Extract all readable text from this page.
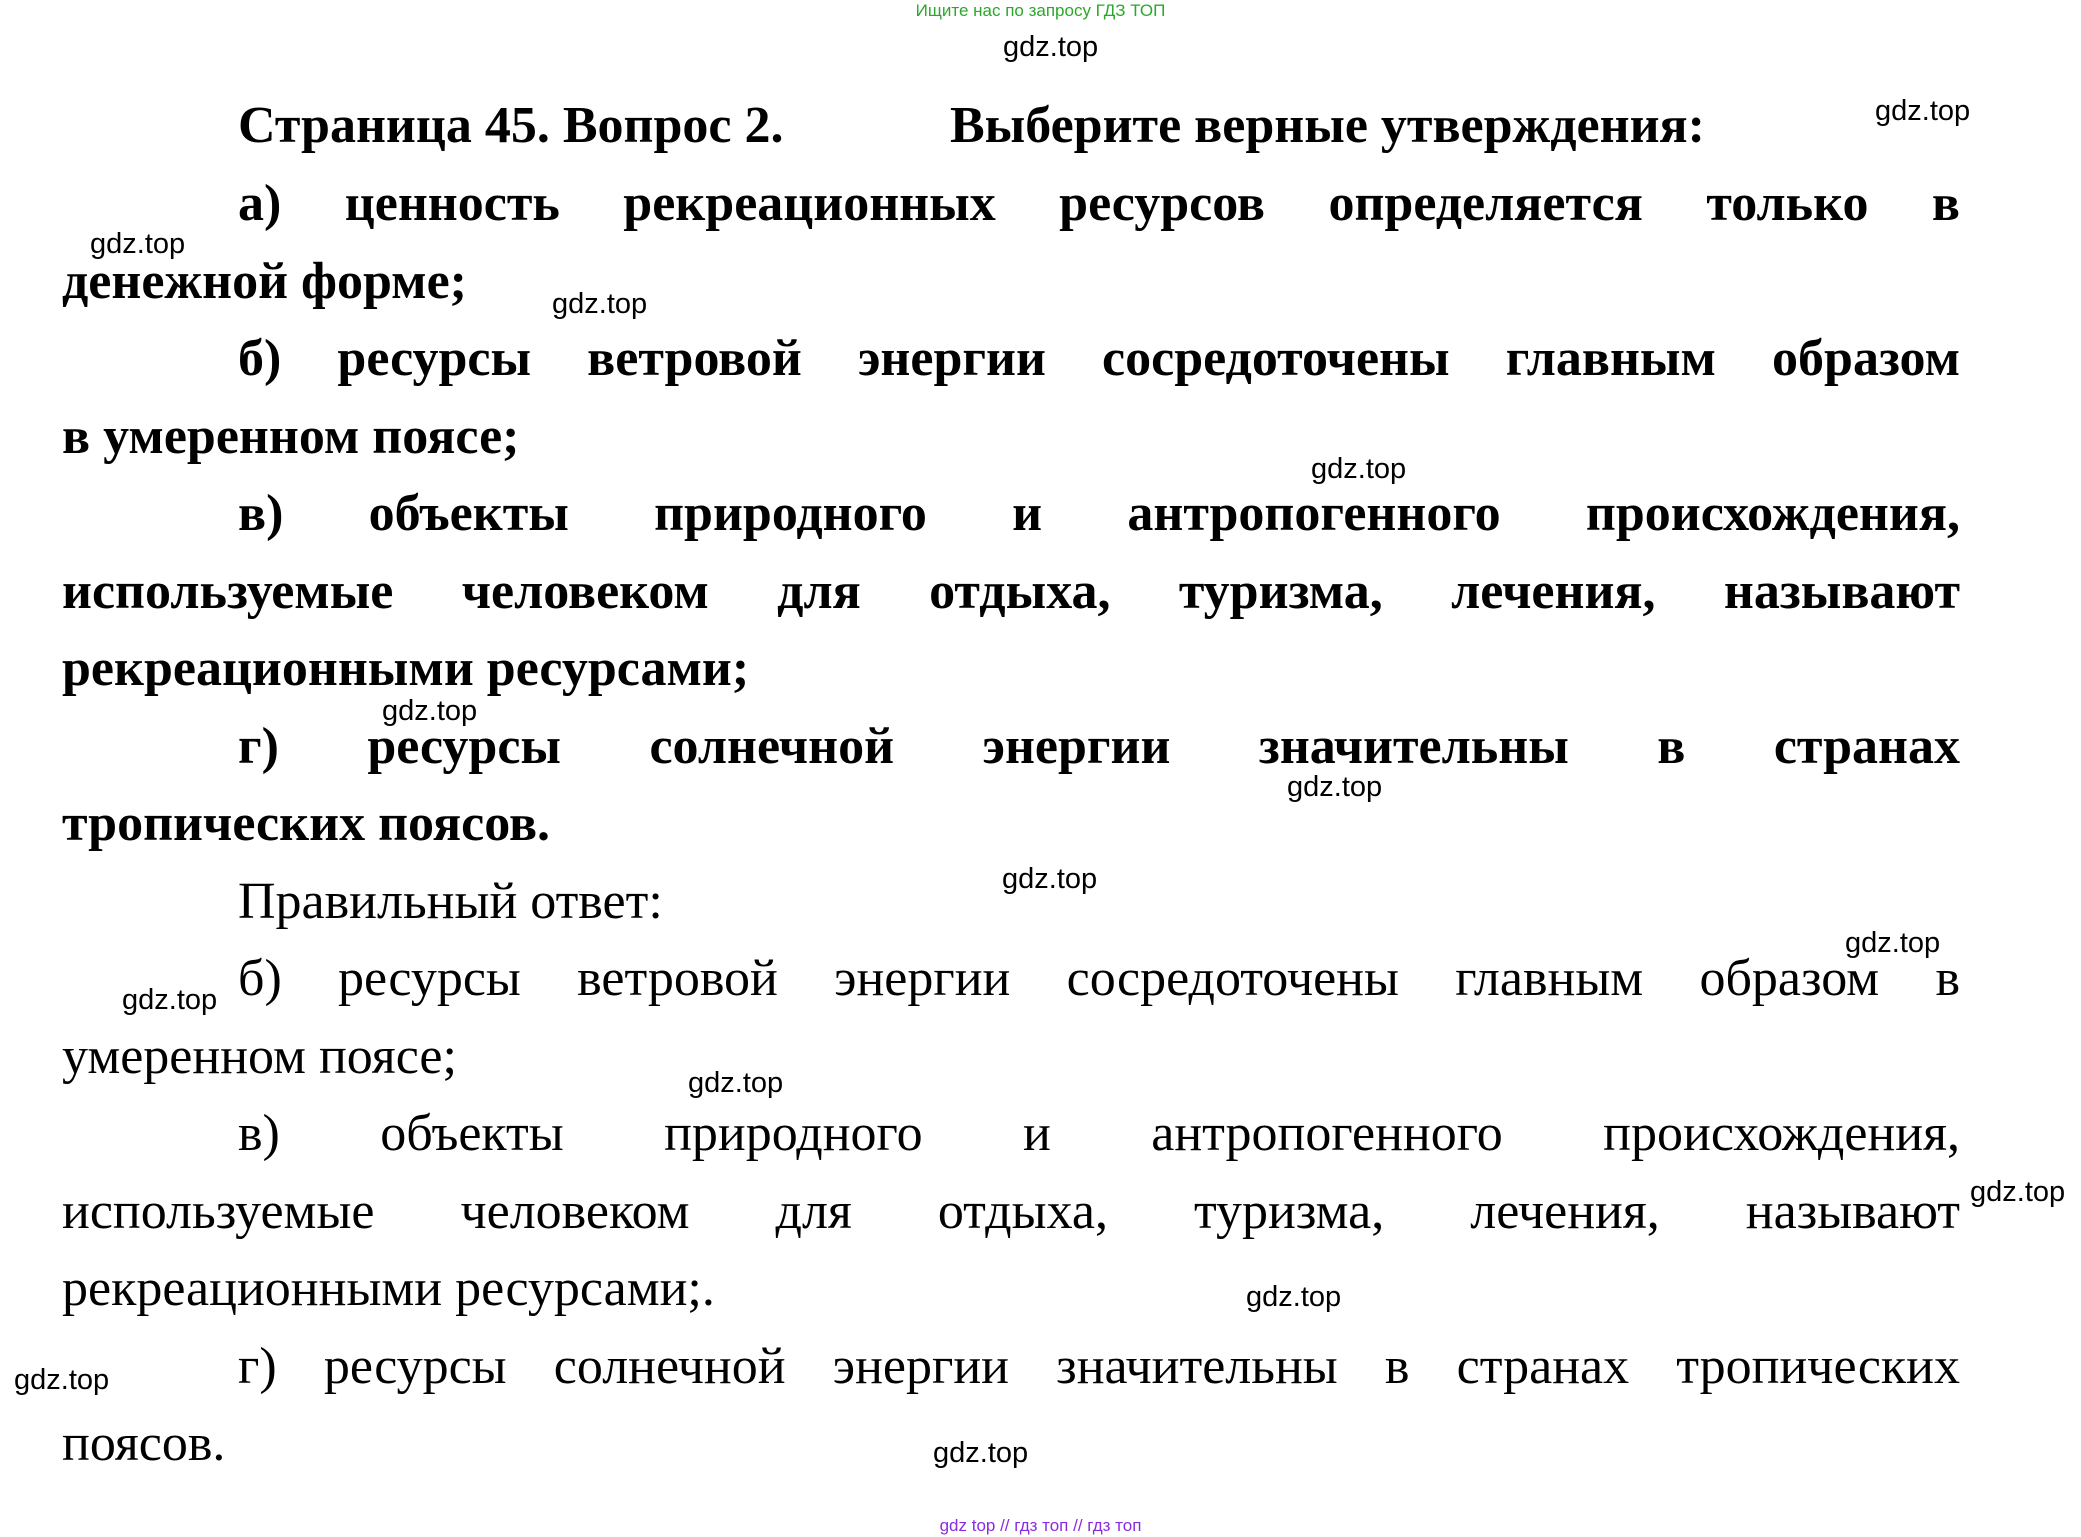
Ищите нас по запросу ГДЗ ТОП
Страница 45. Вопрос 2.	Выберите верные утверждения:
а) ценность рекреационных ресурсов определяется только в
денежной форме;
б) ресурсы ветровой энергии сосредоточены главным образом
в умеренном поясе;
в) объекты природного и антропогенного происхождения,
используемые человеком для отдыха, туризма, лечения, называют
рекреационными ресурсами;
г) ресурсы солнечной энергии значительны в странах
тропических поясов.
Правильный ответ:
б) ресурсы ветровой энергии сосредоточены главным образом в
умеренном поясе;
в) объекты природного и антропогенного происхождения,
используемые человеком для отдыха, туризма, лечения, называют
рекреационными ресурсами;.
г) ресурсы солнечной энергии значительны в странах тропических
поясов.
gdz.top
gdz.top
gdz.top
gdz.top
gdz.top
gdz.top
gdz.top
gdz.top
gdz.top
gdz.top
gdz.top
gdz.top
gdz.top
gdz.top
gdz.top
gdz top // гдз топ // гдз топ
